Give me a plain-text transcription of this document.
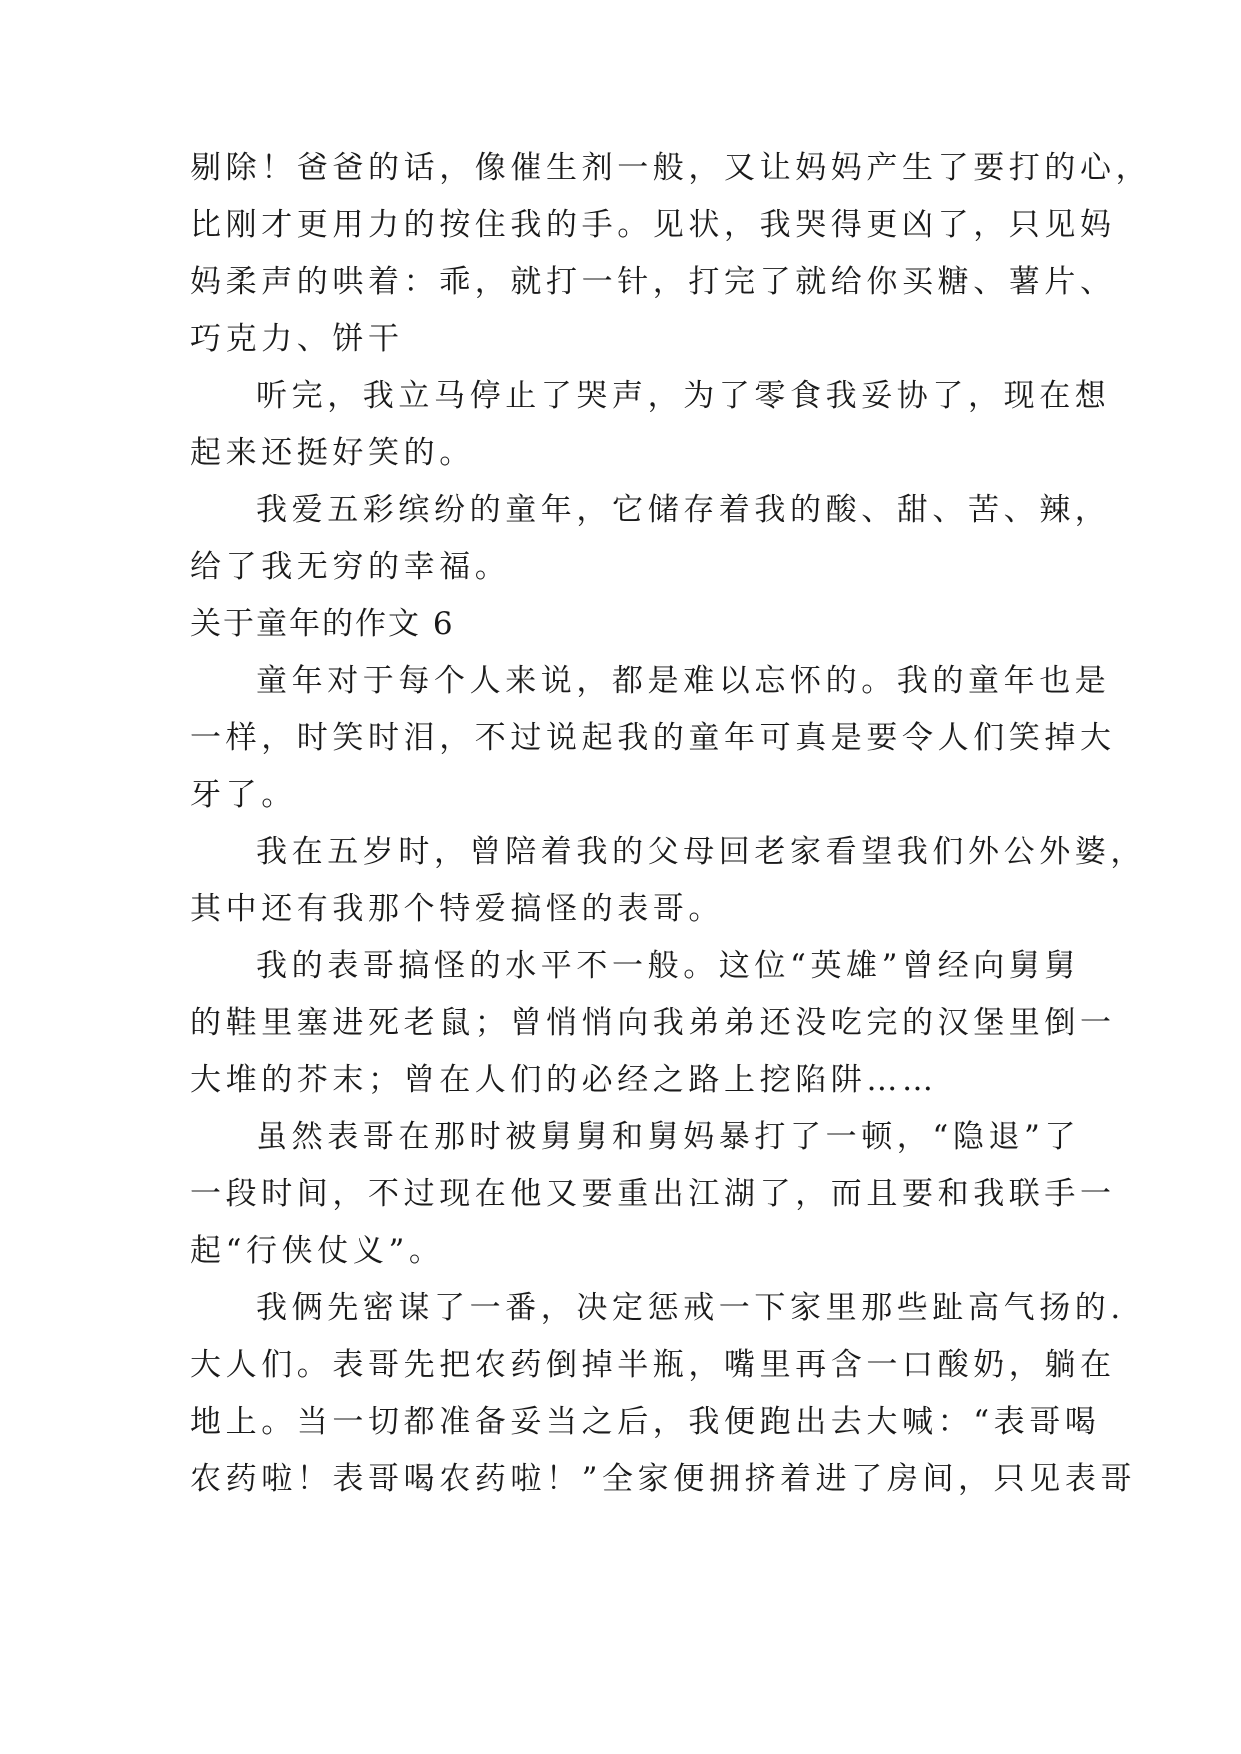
剔除！爸爸的话，像催生剂一般，又让妈妈产生了要打的心，
比刚才更用力的按住我的手。见状，我哭得更凶了，只见妈
妈柔声的哄着：乖，就打一针，打完了就给你买糖、薯片、
巧克力、饼干
听完，我立马停止了哭声，为了零食我妥协了，现在想
起来还挺好笑的。
我爱五彩缤纷的童年，它储存着我的酸、甜、苦、辣，
给了我无穷的幸福。
关于童年的作文 6
童年对于每个人来说，都是难以忘怀的。我的童年也是
一样，时笑时泪，不过说起我的童年可真是要令人们笑掉大
牙了。
我在五岁时，曾陪着我的父母回老家看望我们外公外婆，
其中还有我那个特爱搞怪的表哥。
我的表哥搞怪的水平不一般。这位“英雄”曾经向舅舅
的鞋里塞进死老鼠；曾悄悄向我弟弟还没吃完的汉堡里倒一
大堆的芥末；曾在人们的必经之路上挖陷阱……
虽然表哥在那时被舅舅和舅妈暴打了一顿，“隐退”了
一段时间，不过现在他又要重出江湖了，而且要和我联手一
起“行侠仗义”。
我俩先密谋了一番，决定惩戒一下家里那些趾高气扬的.
大人们。表哥先把农药倒掉半瓶，嘴里再含一口酸奶，躺在
地上。当一切都准备妥当之后，我便跑出去大喊：“表哥喝
农药啦！表哥喝农药啦！”全家便拥挤着进了房间，只见表哥
